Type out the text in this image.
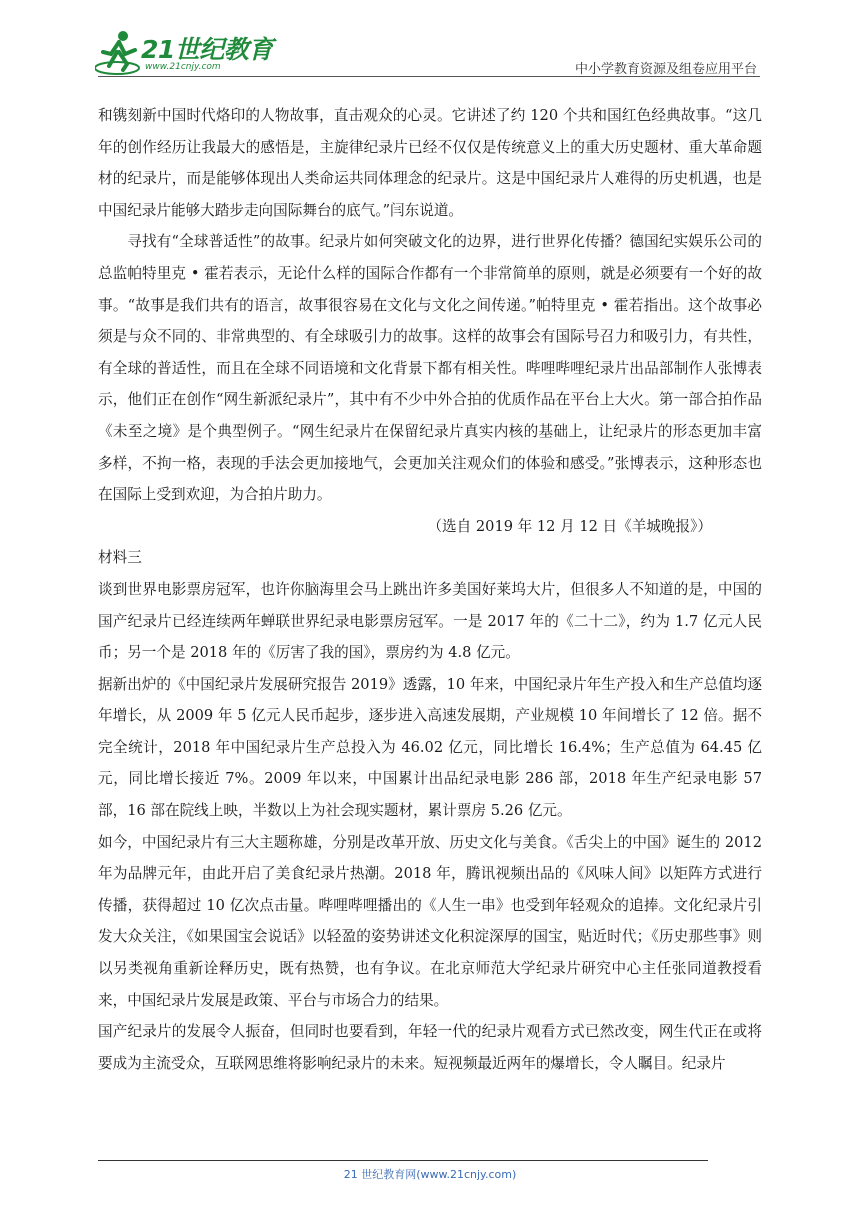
21世纪教育
www.21cnjy.com	中小学教育资源及组卷应用平台

和镌刻新中国时代烙印的人物故事，直击观众的心灵。它讲述了约 120 个共和国红色经典故事。“这几年的创作经历让我最大的感悟是，主旋律纪录片已经不仅仅是传统意义上的重大历史题材、重大革命题材的纪录片，而是能够体现出人类命运共同体理念的纪录片。这是中国纪录片人难得的历史机遇，也是中国纪录片能够大踏步走向国际舞台的底气。”闫东说道。

寻找有“全球普适性”的故事。纪录片如何突破文化的边界，进行世界化传播？德国纪实娱乐公司的总监帕特里克 • 霍若表示，无论什么样的国际合作都有一个非常简单的原则，就是必须要有一个好的故事。“故事是我们共有的语言，故事很容易在文化与文化之间传递。”帕特里克 • 霍若指出。这个故事必须是与众不同的、非常典型的、有全球吸引力的故事。这样的故事会有国际号召力和吸引力，有共性，有全球的普适性，而且在全球不同语境和文化背景下都有相关性。哔哩哔哩纪录片出品部制作人张博表示，他们正在创作“网生新派纪录片”，其中有不少中外合拍的优质作品在平台上大火。第一部合拍作品《未至之境》是个典型例子。“网生纪录片在保留纪录片真实内核的基础上，让纪录片的形态更加丰富多样，不拘一格，表现的手法会更加接地气，会更加关注观众们的体验和感受。”张博表示，这种形态也在国际上受到欢迎，为合拍片助力。

（选自 2019 年 12 月 12 日《羊城晚报》）

材料三

谈到世界电影票房冠军，也许你脑海里会马上跳出许多美国好莱坞大片，但很多人不知道的是，中国的国产纪录片已经连续两年蝉联世界纪录电影票房冠军。一是 2017 年的《二十二》，约为 1.7 亿元人民币；另一个是 2018 年的《厉害了我的国》，票房约为 4.8 亿元。

据新出炉的《中国纪录片发展研究报告 2019》透露，10 年来，中国纪录片年生产投入和生产总值均逐年增长，从 2009 年 5 亿元人民币起步，逐步进入高速发展期，产业规模 10 年间增长了 12 倍。据不完全统计，2018 年中国纪录片生产总投入为 46.02 亿元，同比增长 16.4%；生产总值为 64.45 亿元，同比增长接近 7%。2009 年以来，中国累计出品纪录电影 286 部，2018 年生产纪录电影 57 部，16 部在院线上映，半数以上为社会现实题材，累计票房 5.26 亿元。

如今，中国纪录片有三大主题称雄，分别是改革开放、历史文化与美食。《舌尖上的中国》诞生的 2012 年为品牌元年，由此开启了美食纪录片热潮。2018 年，腾讯视频出品的《风味人间》以矩阵方式进行传播，获得超过 10 亿次点击量。哔哩哔哩播出的《人生一串》也受到年轻观众的追捧。文化纪录片引发大众关注，《如果国宝会说话》以轻盈的姿势讲述文化积淀深厚的国宝，贴近时代；《历史那些事》则以另类视角重新诠释历史，既有热赞，也有争议。在北京师范大学纪录片研究中心主任张同道教授看来，中国纪录片发展是政策、平台与市场合力的结果。

国产纪录片的发展令人振奋，但同时也要看到，年轻一代的纪录片观看方式已然改变，网生代正在或将要成为主流受众，互联网思维将影响纪录片的未来。短视频最近两年的爆增长，令人瞩目。纪录片

21 世纪教育网(www.21cnjy.com)
